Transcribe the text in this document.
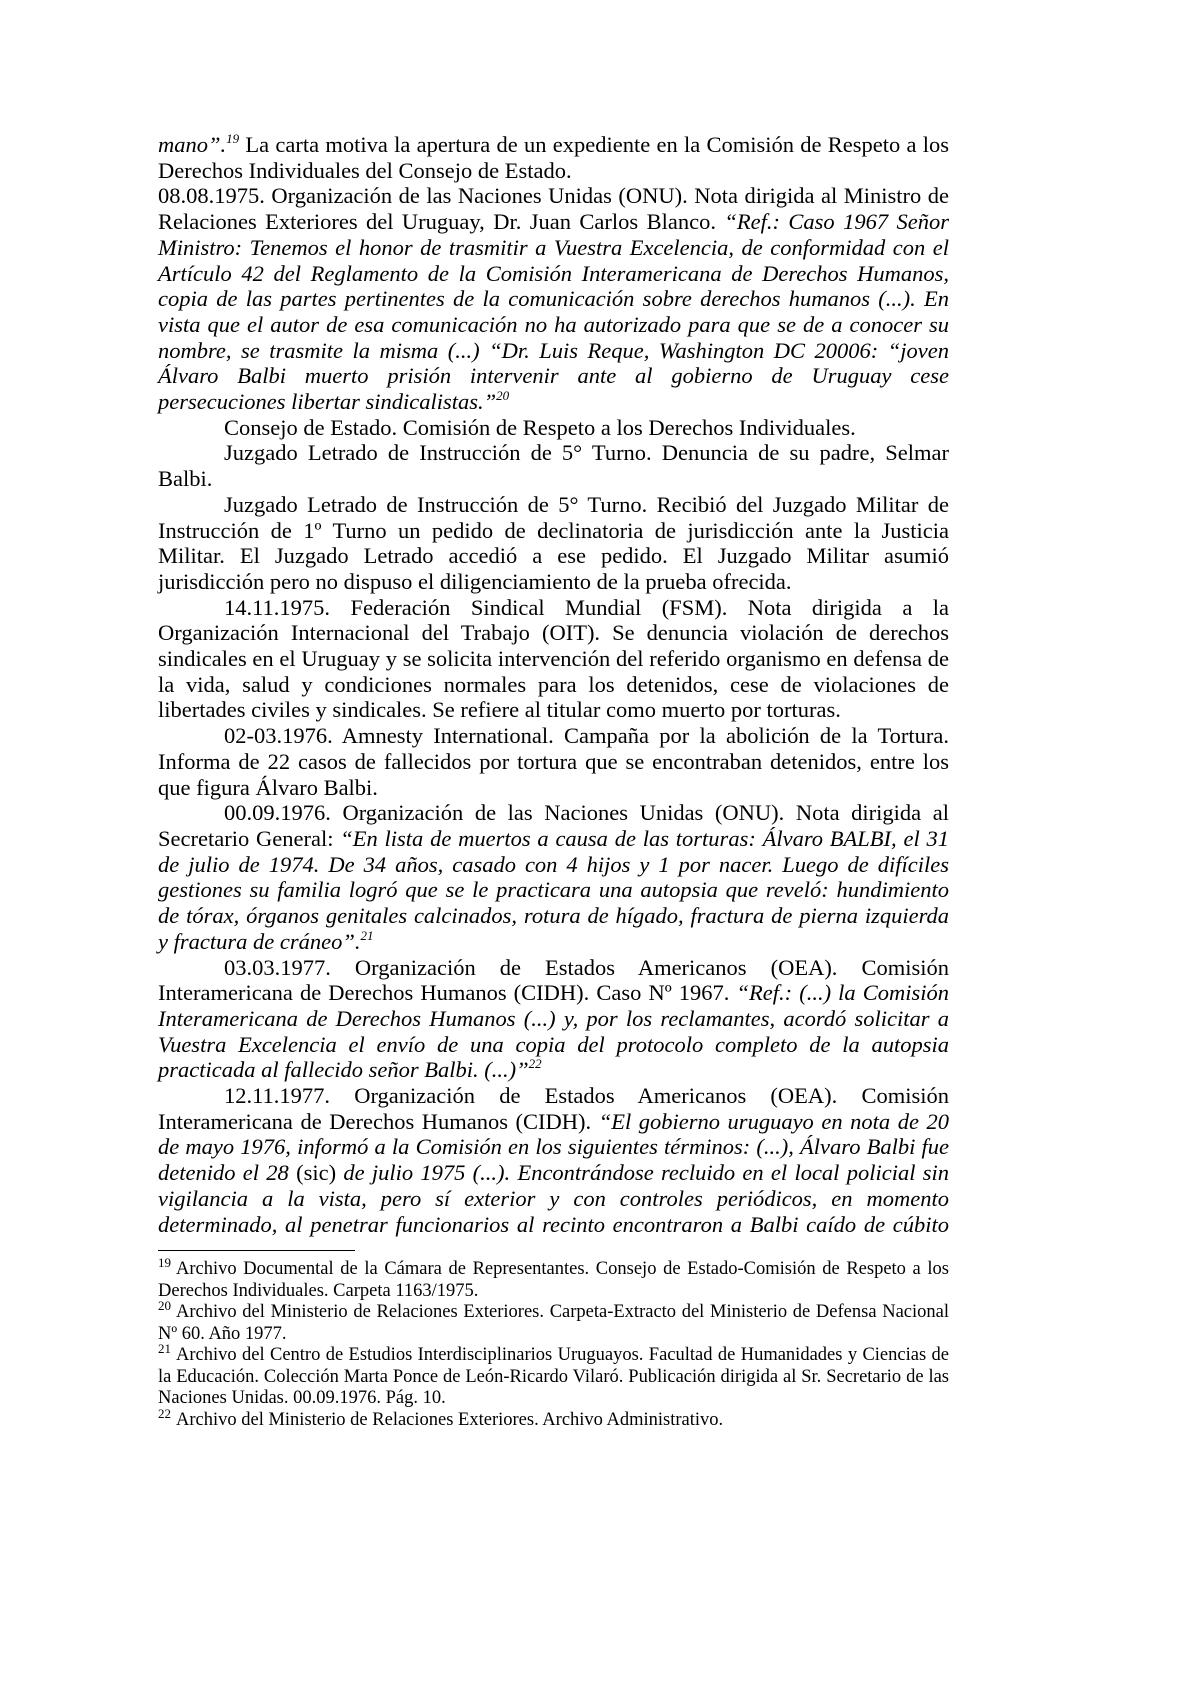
mano”.$^{19}$ La carta motiva la apertura de un expediente en la Comisión de Respeto a los Derechos Individuales del Consejo de Estado.

08.08.1975. Organización de las Naciones Unidas (ONU). Nota dirigida al Ministro de Relaciones Exteriores del Uruguay, Dr. Juan Carlos Blanco. “Ref.: Caso 1967 Señor Ministro: Tenemos el honor de trasmitir a Vuestra Excelencia, de conformidad con el Artículo 42 del Reglamento de la Comisión Interamericana de Derechos Humanos, copia de las partes pertinentes de la comunicación sobre derechos humanos (...). En vista que el autor de esa comunicación no ha autorizado para que se de a conocer su nombre, se trasmite la misma (...) “Dr. Luis Reque, Washington DC 20006: “joven Álvaro Balbi muerto prisión intervenir ante al gobierno de Uruguay cese persecuciones libertar sindicalistas.”$^{20}$

Consejo de Estado. Comisión de Respeto a los Derechos Individuales.

Juzgado Letrado de Instrucción de 5° Turno. Denuncia de su padre, Selmar Balbi.

Juzgado Letrado de Instrucción de 5° Turno. Recibió del Juzgado Militar de Instrucción de 1º Turno un pedido de declinatoria de jurisdicción ante la Justicia Militar. El Juzgado Letrado accedió a ese pedido. El Juzgado Militar asumió jurisdicción pero no dispuso el diligenciamiento de la prueba ofrecida.

14.11.1975. Federación Sindical Mundial (FSM). Nota dirigida a la Organización Internacional del Trabajo (OIT). Se denuncia violación de derechos sindicales en el Uruguay y se solicita intervención del referido organismo en defensa de la vida, salud y condiciones normales para los detenidos, cese de violaciones de libertades civiles y sindicales. Se refiere al titular como muerto por torturas.

02-03.1976. Amnesty International. Campaña por la abolición de la Tortura. Informa de 22 casos de fallecidos por tortura que se encontraban detenidos, entre los que figura Álvaro Balbi.

00.09.1976. Organización de las Naciones Unidas (ONU). Nota dirigida al Secretario General: “En lista de muertos a causa de las torturas: Álvaro BALBI, el 31 de julio de 1974. De 34 años, casado con 4 hijos y 1 por nacer. Luego de difíciles gestiones su familia logró que se le practicara una autopsia que reveló: hundimiento de tórax, órganos genitales calcinados, rotura de hígado, fractura de pierna izquierda y fractura de cráneo”.$^{21}$

03.03.1977. Organización de Estados Americanos (OEA). Comisión Interamericana de Derechos Humanos (CIDH). Caso Nº 1967. “Ref.: (...) la Comisión Interamericana de Derechos Humanos (...) y, por los reclamantes, acordó solicitar a Vuestra Excelencia el envío de una copia del protocolo completo de la autopsia practicada al fallecido señor Balbi. (...)”$^{22}$

12.11.1977. Organización de Estados Americanos (OEA). Comisión Interamericana de Derechos Humanos (CIDH). “El gobierno uruguayo en nota de 20 de mayo 1976, informó a la Comisión en los siguientes términos: (...), Álvaro Balbi fue detenido el 28 (sic) de julio 1975 (...). Encontrándose recluido en el local policial sin vigilancia a la vista, pero sí exterior y con controles periódicos, en momento determinado, al penetrar funcionarios al recinto encontraron a Balbi caído de cúbito

$^{19}$ Archivo Documental de la Cámara de Representantes. Consejo de Estado-Comisión de Respeto a los Derechos Individuales. Carpeta 1163/1975.

$^{20}$ Archivo del Ministerio de Relaciones Exteriores. Carpeta-Extracto del Ministerio de Defensa Nacional Nº 60. Año 1977.

$^{21}$ Archivo del Centro de Estudios Interdisciplinarios Uruguayos. Facultad de Humanidades y Ciencias de la Educación. Colección Marta Ponce de León-Ricardo Vilaró. Publicación dirigida al Sr. Secretario de las Naciones Unidas. 00.09.1976. Pág. 10.

$^{22}$ Archivo del Ministerio de Relaciones Exteriores. Archivo Administrativo.
